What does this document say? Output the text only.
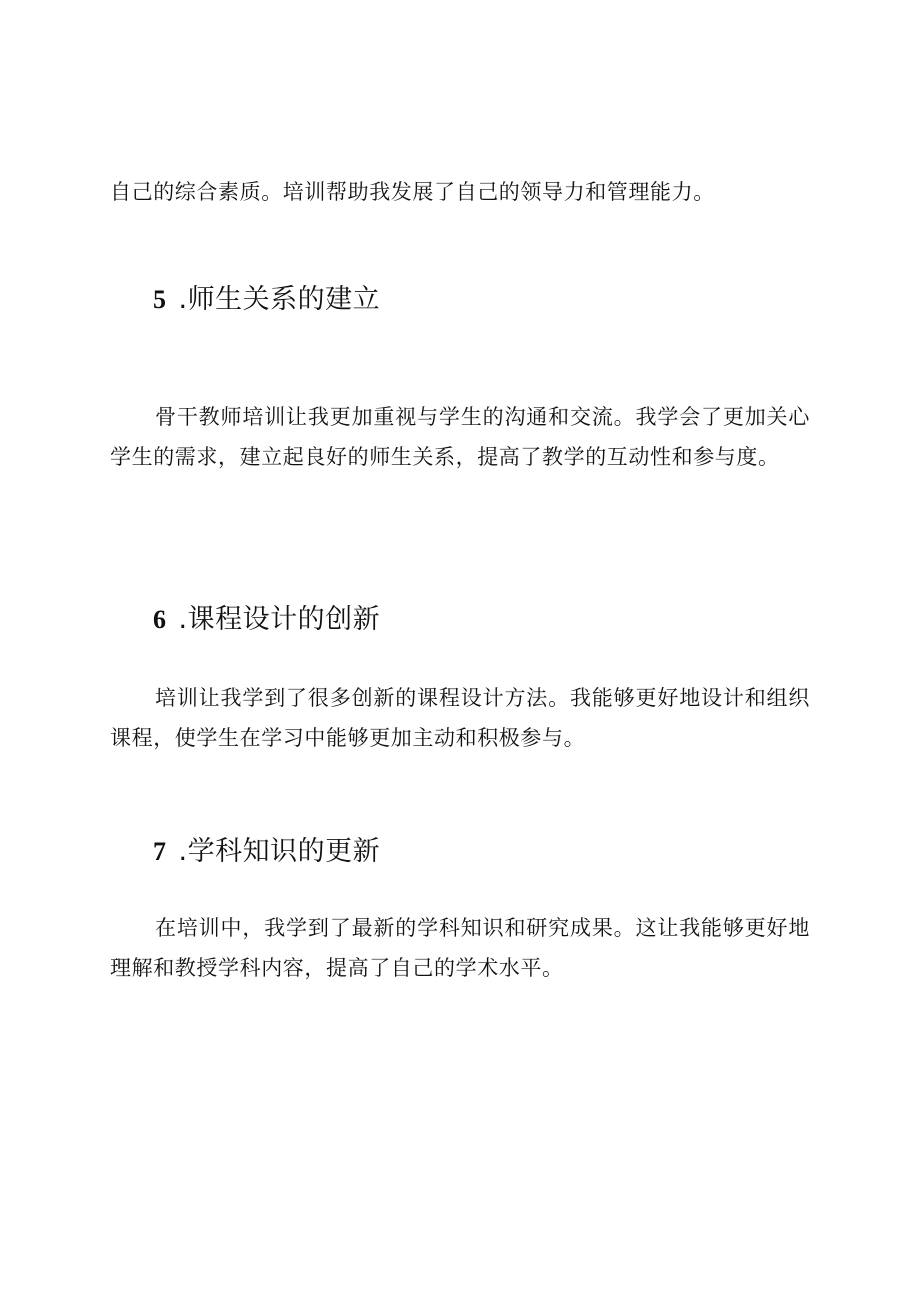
自己的综合素质。培训帮助我发展了自己的领导力和管理能力。

5 .师生关系的建立

骨干教师培训让我更加重视与学生的沟通和交流。我学会了更加关心学生的需求，建立起良好的师生关系，提高了教学的互动性和参与度。

6 .课程设计的创新

培训让我学到了很多创新的课程设计方法。我能够更好地设计和组织课程，使学生在学习中能够更加主动和积极参与。

7 .学科知识的更新

在培训中，我学到了最新的学科知识和研究成果。这让我能够更好地理解和教授学科内容，提高了自己的学术水平。
